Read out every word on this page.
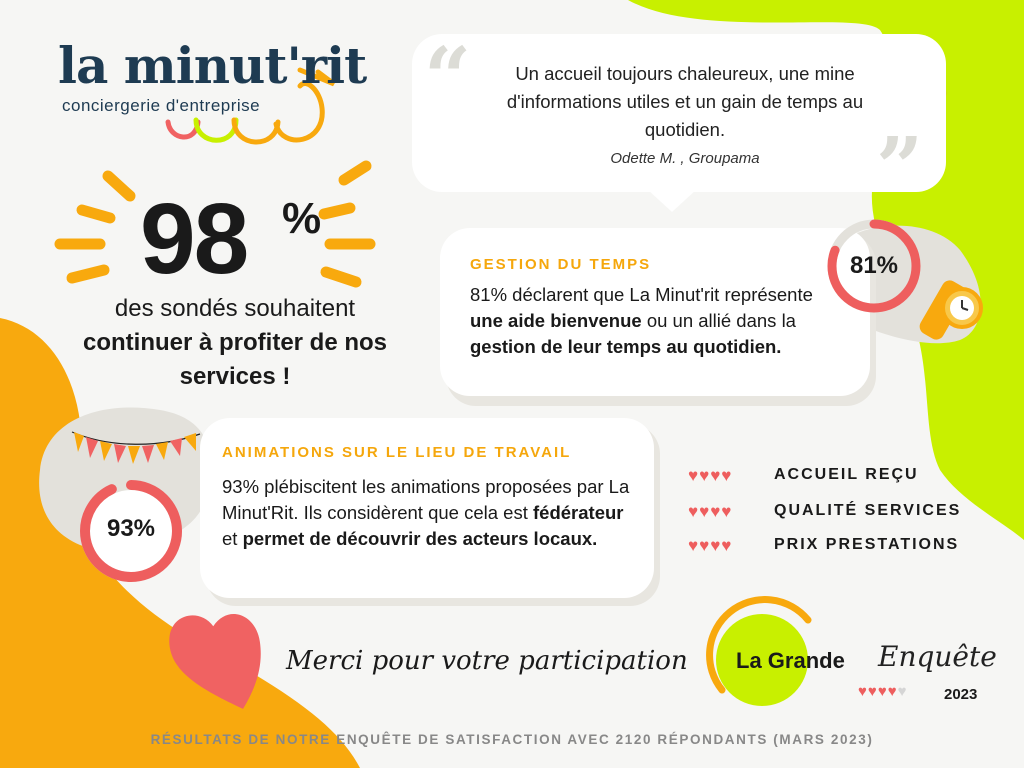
la minut'rit
conciergerie d'entreprise
98 %
des sondés souhaitent
continuer à profiter de nos
services !
“
”
Un accueil toujours chaleureux, une mine d'informations utiles et un gain de temps au quotidien.
Odette M. , Groupama
GESTION DU TEMPS
81% déclarent que La Minut'rit représente une aide bienvenue ou un allié dans la gestion de leur temps au quotidien.
81%
ANIMATIONS SUR LE LIEU DE TRAVAIL
93% plébiscitent les animations proposées par La Minut'Rit. Ils considèrent que cela est fédérateur et permet de découvrir des acteurs locaux.
93%
♥ ♥ ♥ ♥	ACCUEIL REÇU
♥ ♥ ♥ ♥	QUALITÉ SERVICES
♥ ♥ ♥ ♥	PRIX PRESTATIONS
Merci pour votre participation La Grande Enquête
♥ ♥ ♥ ♥ ♥ 2023
RÉSULTATS DE NOTRE ENQUÊTE DE SATISFACTION AVEC 2120 RÉPONDANTS (MARS 2023)
